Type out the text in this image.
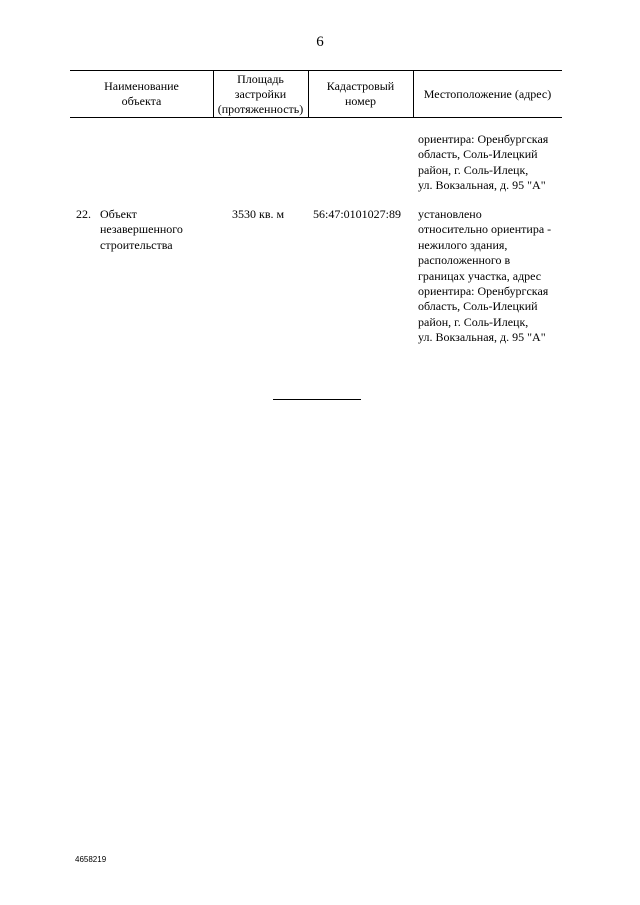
6
Наименование
объекта
Площадь
застройки
(протяженность)
Кадастровый
номер
Местоположение (адрес)
ориентира: Оренбургская
область, Соль-Илецкий
район, г. Соль-Илецк,
ул. Вокзальная, д. 95 "А"
22. Объект
незавершенного
строительства
3530 кв. м 56:47:0101027:89 установлено
относительно ориентира -
нежилого здания,
расположенного в
границах участка, адрес
ориентира: Оренбургская
область, Соль-Илецкий
район, г. Соль-Илецк,
ул. Вокзальная, д. 95 "А"
4658219
